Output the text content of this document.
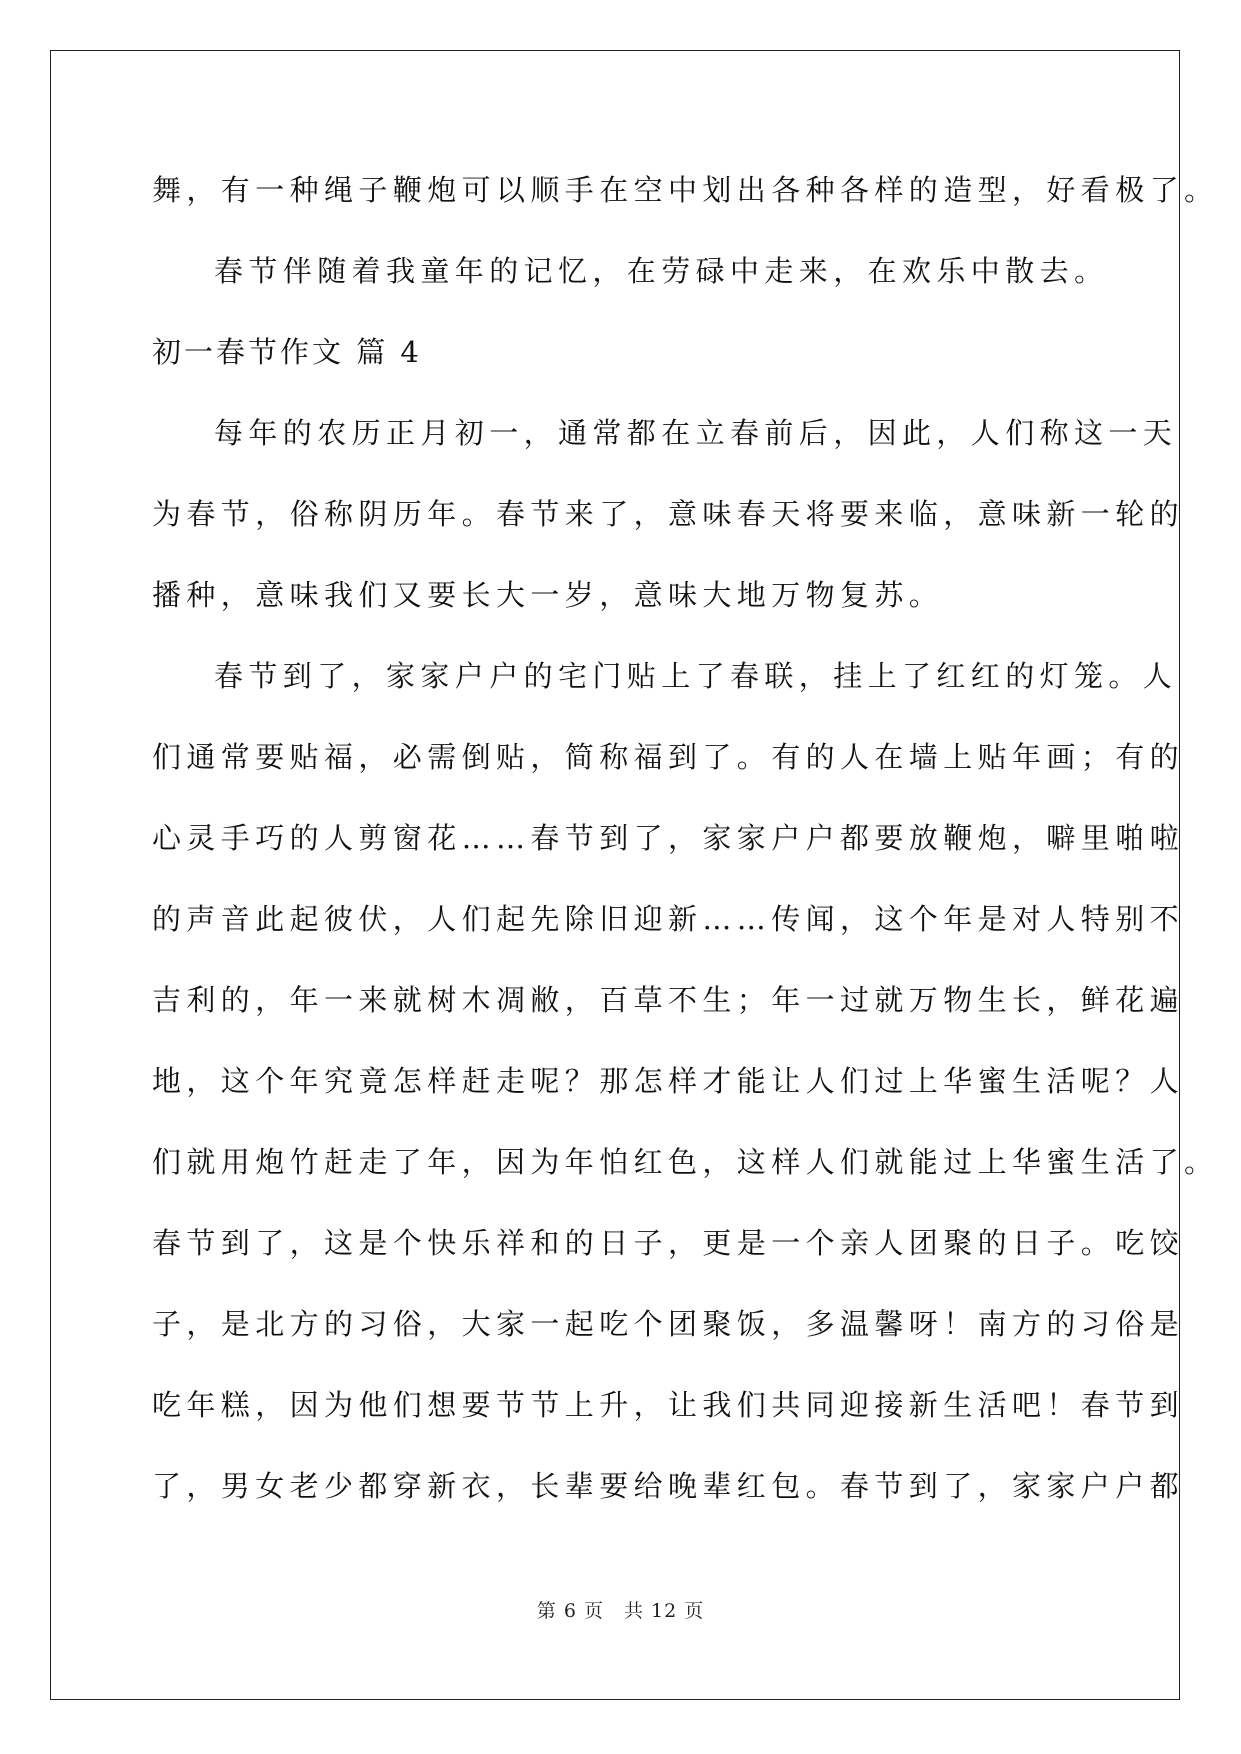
舞，有一种绳子鞭炮可以顺手在空中划出各种各样的造型，好看极了。
春节伴随着我童年的记忆，在劳碌中走来，在欢乐中散去。
初一春节作文 篇 4
每年的农历正月初一，通常都在立春前后，因此，人们称这一天
为春节，俗称阴历年。春节来了，意味春天将要来临，意味新一轮的
播种，意味我们又要长大一岁，意味大地万物复苏。
春节到了，家家户户的宅门贴上了春联，挂上了红红的灯笼。人
们通常要贴福，必需倒贴，简称福到了。有的人在墙上贴年画；有的
心灵手巧的人剪窗花……春节到了，家家户户都要放鞭炮，噼里啪啦
的声音此起彼伏，人们起先除旧迎新……传闻，这个年是对人特别不
吉利的，年一来就树木凋敝，百草不生；年一过就万物生长，鲜花遍
地，这个年究竟怎样赶走呢？那怎样才能让人们过上华蜜生活呢？人
们就用炮竹赶走了年，因为年怕红色，这样人们就能过上华蜜生活了。
春节到了，这是个快乐祥和的日子，更是一个亲人团聚的日子。吃饺
子，是北方的习俗，大家一起吃个团聚饭，多温馨呀！南方的习俗是
吃年糕，因为他们想要节节上升，让我们共同迎接新生活吧！春节到
了，男女老少都穿新衣，长辈要给晚辈红包。春节到了，家家户户都
第 6 页　共 12 页
